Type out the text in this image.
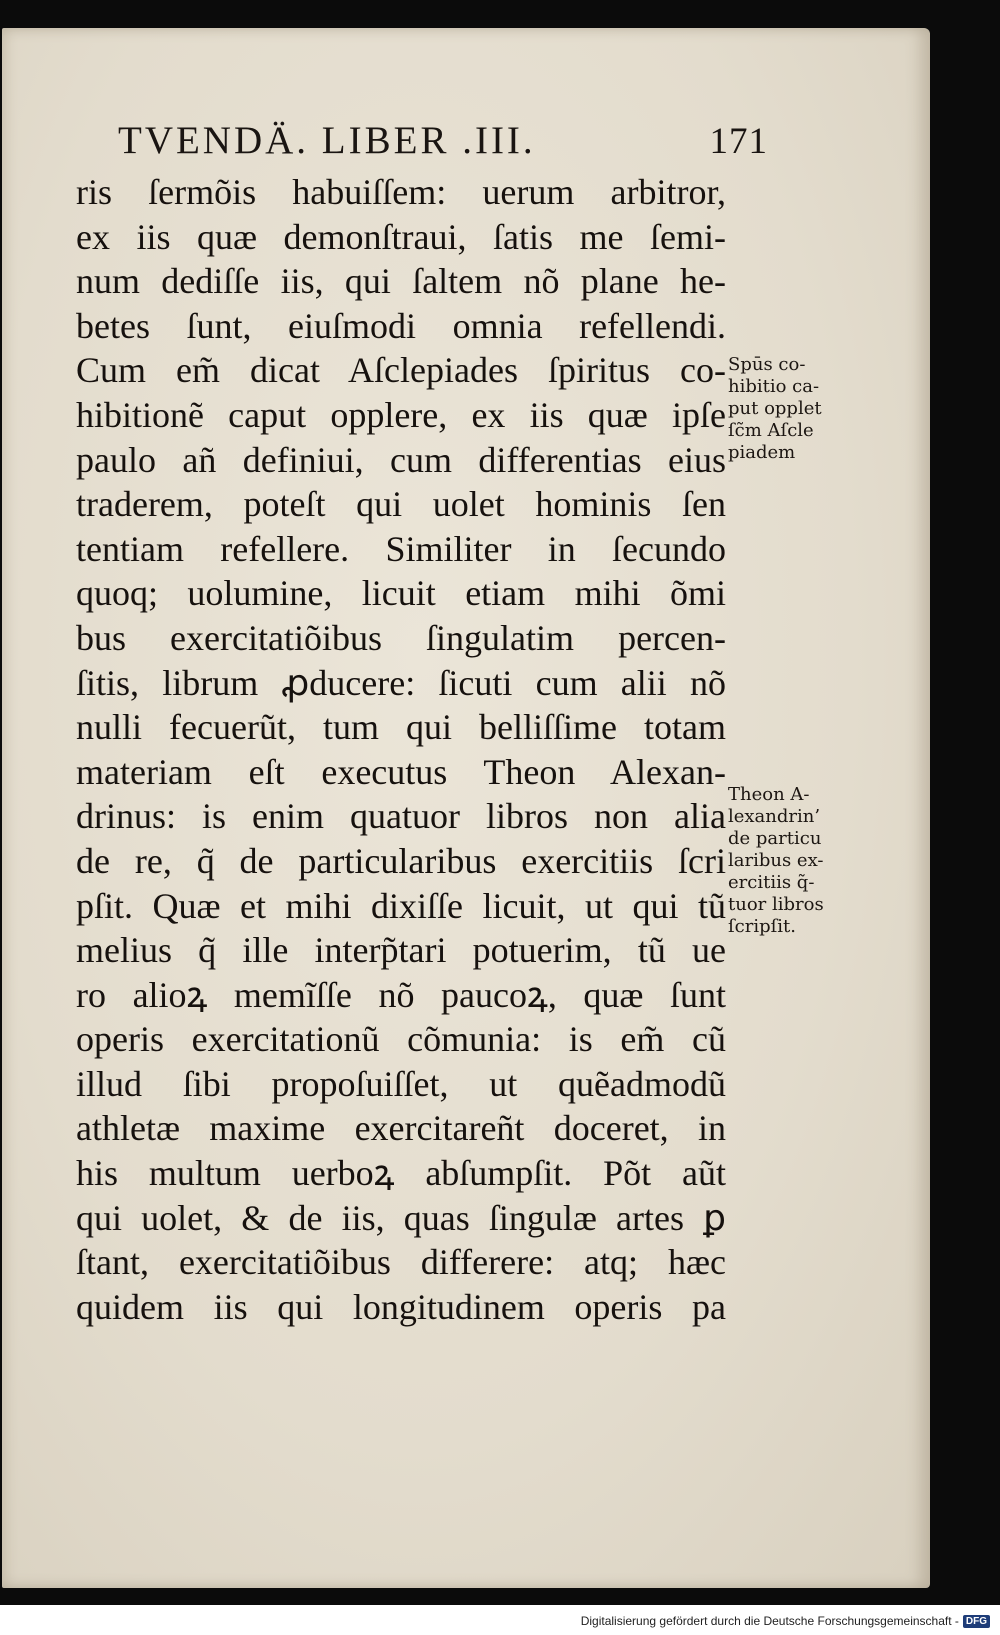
TVENDÄ. LIBER .III.	171
ris ſermõis habuiſſem: uerum arbitror,
ex iis quæ demonſtraui, ſatis me ſemi-
num dediſſe iis, qui ſaltem nõ plane he-
betes ſunt, eiuſmodi omnia refellendi.
Cum em̃ dicat Aſclepiades ſpiritus co-
hibitionẽ caput opplere, ex iis quæ ipſe
paulo añ definiui, cum differentias eius
traderem, poteſt qui uolet hominis ſen
tentiam refellere. Similiter in ſecundo
quoq; uolumine, licuit etiam mihi õmi
bus exercitatiõibus ſingulatim percen-
ſitis, librum ꝓducere: ſicuti cum alii nõ
nulli fecuerũt, tum qui belliſſime totam
materiam eſt executus Theon Alexan-
drinus: is enim quatuor libros non alia
de re, q̃ de particularibus exercitiis ſcri
pſit. Quæ et mihi dixiſſe licuit, ut qui tũ
melius q̃ ille interp̃tari potuerim, tũ ue
ro alioꝝ memĩſſe nõ paucoꝝ, quæ ſunt
operis exercitationũ cõmunia: is em̃ cũ
illud ſibi propoſuiſſet, ut quẽadmodũ
athletæ maxime exercitareñt doceret, in
his multum uerboꝝ abſumpſit. Põt aũt
qui uolet, & de iis, quas ſingulæ artes ꝑ
ſtant, exercitatiõibus differere: atq; hæc
quidem iis qui longitudinem operis pa
Spūs co-
hibitio ca-
put opplet
ſc̃m Aſcle
piadem
Theon A-
lexandrin’
de particu
laribus ex-
ercitiis q̃-
tuor libros
ſcripſit.
Digitalisierung gefördert durch die Deutsche Forschungsgemeinschaft - DFG
